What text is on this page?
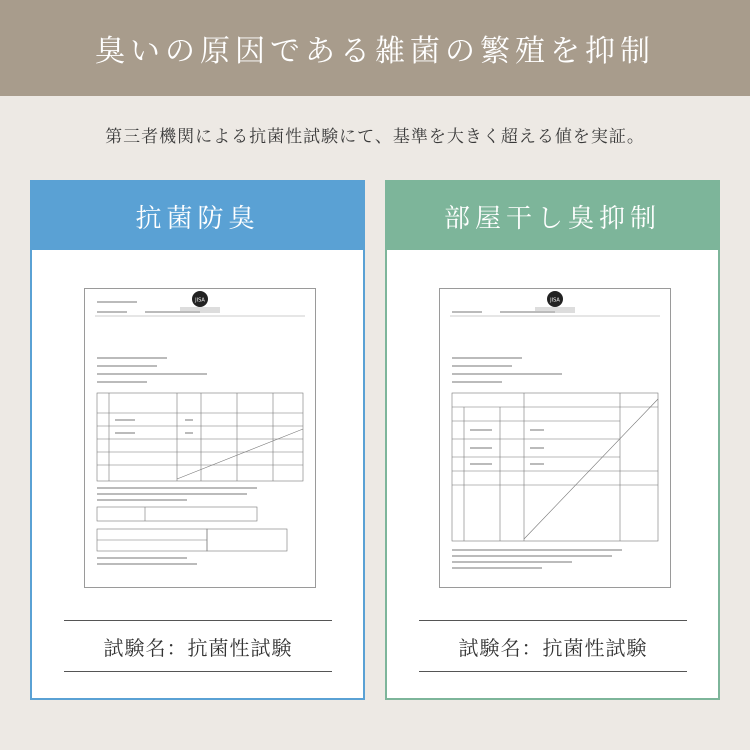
臭いの原因である雑菌の繁殖を抑制
第三者機関による抗菌性試験にて、基準を大きく超える値を実証。
抗菌防臭
JISA
試験名：抗菌性試験
部屋干し臭抑制
JISA
試験名：抗菌性試験
